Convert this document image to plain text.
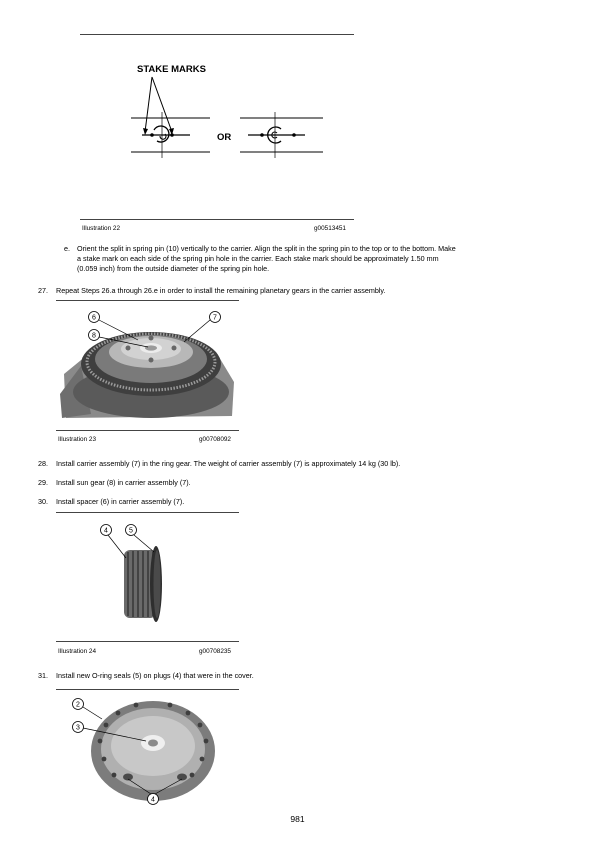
STAKE MARKS
OR
Illustration 22	g00513451
e. Orient the split in spring pin (10) vertically to the carrier. Align the split in the spring pin to the top or to the bottom. Make
a stake mark on each side of the spring pin hole in the carrier. Each stake mark should be approximately 1.50 mm
(0.059 inch) from the outside diameter of the spring pin hole.
27. Repeat Steps 26.a through 26.e in order to install the remaining planetary gears in the carrier assembly.
6
8
7
Illustration 23	g00708092
28. Install carrier assembly (7) in the ring gear. The weight of carrier assembly (7) is approximately 14 kg (30 lb).
29. Install sun gear (8) in carrier assembly (7).
30. Install spacer (6) in carrier assembly (7).
4	5
Illustration 24	g00708235
31. Install new O-ring seals (5) on plugs (4) that were in the cover.
2
3
4
981
